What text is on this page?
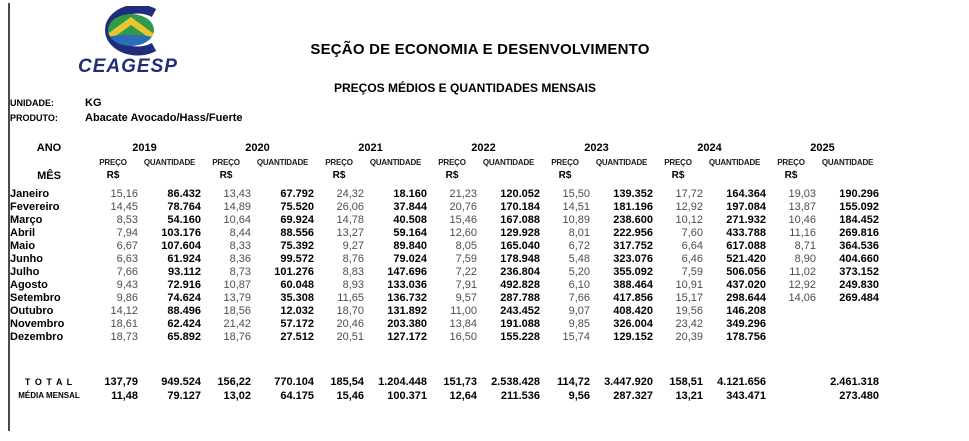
CEAGESP
SEÇÃO DE ECONOMIA E DESENVOLVIMENTO
PREÇOS MÉDIOS E QUANTIDADES MENSAIS
UNIDADE:	KG
PRODUTO:	Abacate Avocado/Hass/Fuerte
ANO	2019		2020		2021		2022		2023		2024		2025	
	PREÇO	QUANTIDADE	PREÇO	QUANTIDADE	PREÇO	QUANTIDADE	PREÇO	QUANTIDADE	PREÇO	QUANTIDADE	PREÇO	QUANTIDADE	PREÇO	QUANTIDADE
MÊS	R$		R$		R$		R$		R$		R$		R$	

Janeiro	15,16	86.432	13,43	67.792	24,32	18.160	21,23	120.052	15,50	139.352	17,72	164.364	19,03	190.296
Fevereiro	14,45	78.764	14,89	75.520	26,06	37.844	20,76	170.184	14,51	181.196	12,92	197.084	13,87	155.092
Março	8,53	54.160	10,64	69.924	14,78	40.508	15,46	167.088	10,89	238.600	10,12	271.932	10,46	184.452
Abril	7,94	103.176	8,44	88.556	13,27	59.164	12,60	129.928	8,01	222.956	7,60	433.788	11,16	269.816
Maio	6,67	107.604	8,33	75.392	9,27	89.840	8,05	165.040	6,72	317.752	6,64	617.088	8,71	364.536
Junho	6,63	61.924	8,36	99.572	8,76	79.024	7,59	178.948	5,48	323.076	6,46	521.420	8,90	404.660
Julho	7,66	93.112	8,73	101.276	8,83	147.696	7,22	236.804	5,20	355.092	7,59	506.056	11,02	373.152
Agosto	9,43	72.916	10,87	60.048	8,93	133.036	7,91	492.828	6,10	388.464	10,91	437.020	12,92	249.830
Setembro	9,86	74.624	13,79	35.308	11,65	136.732	9,57	287.788	7,66	417.856	15,17	298.644	14,06	269.484
Outubro	14,12	88.496	18,56	12.032	18,70	131.892	11,00	243.452	9,07	408.420	19,56	146.208		
Novembro	18,61	62.424	21,42	57.172	20,46	203.380	13,84	191.088	9,85	326.004	23,42	349.296		
Dezembro	18,73	65.892	18,76	27.512	20,51	127.172	16,50	155.228	15,74	129.152	20,39	178.756		

T O T A L	137,79	949.524	156,22	770.104	185,54	1.204.448	151,73	2.538.428	114,72	3.447.920	158,51	4.121.656		2.461.318
MÉDIA MENSAL	11,48	79.127	13,02	64.175	15,46	100.371	12,64	211.536	9,56	287.327	13,21	343.471		273.480
